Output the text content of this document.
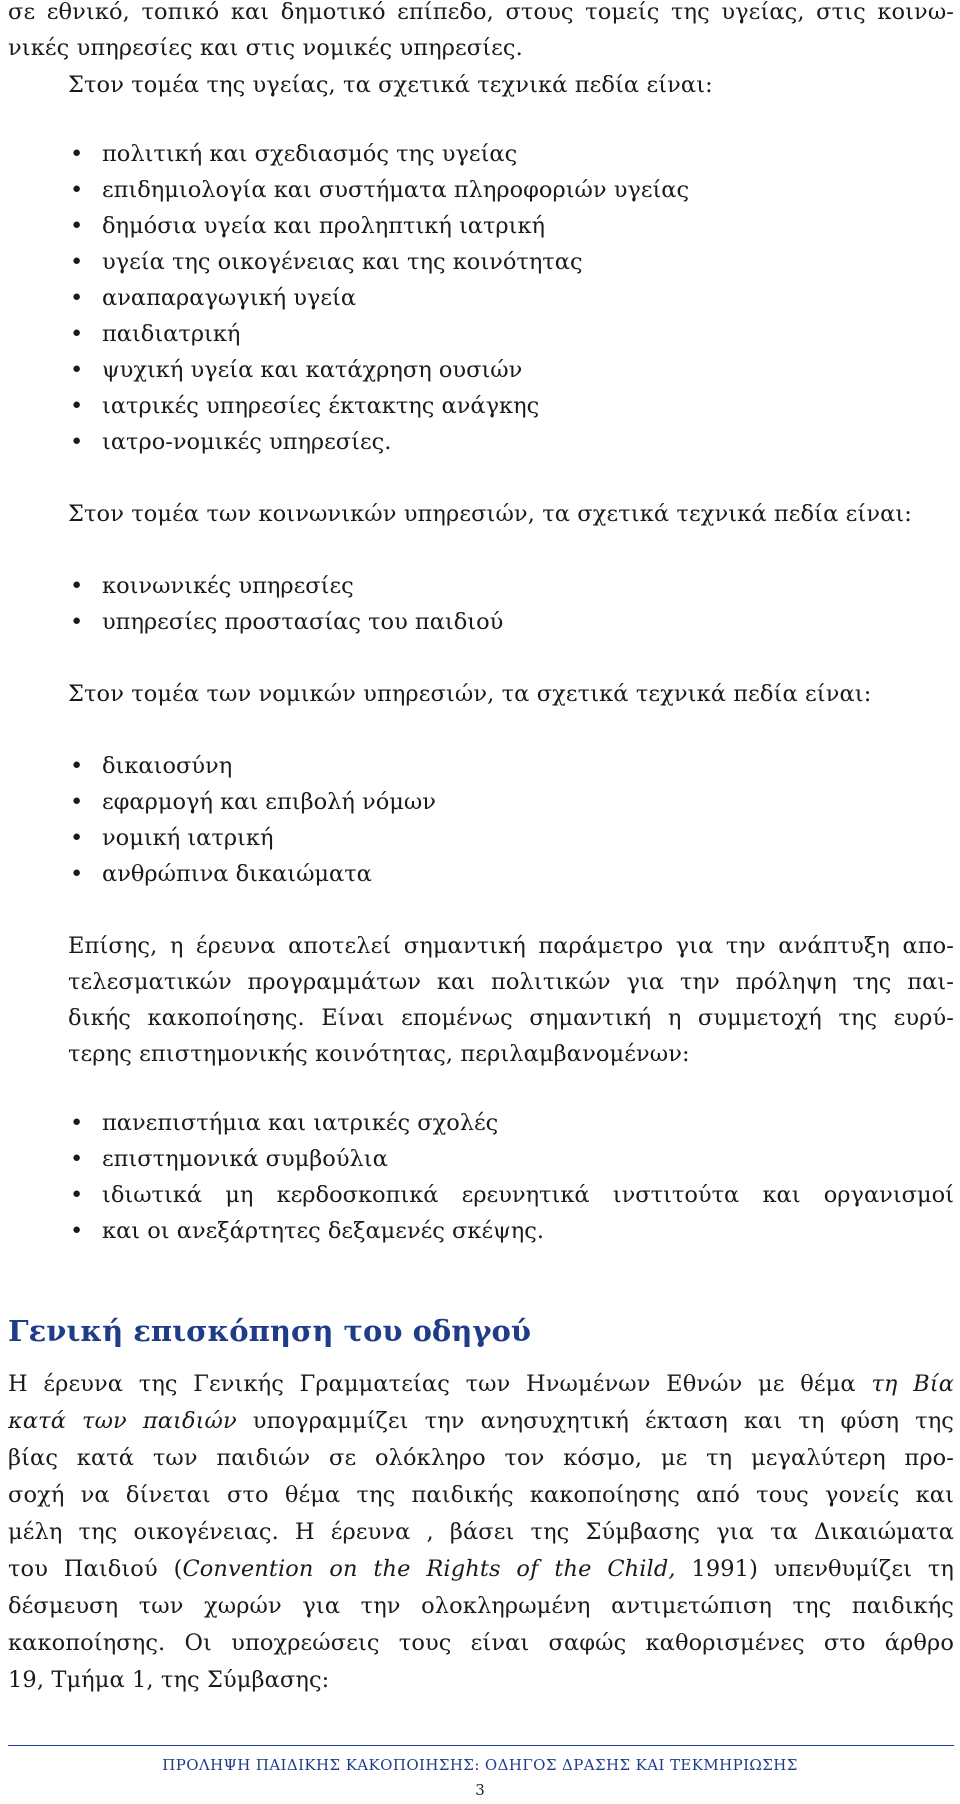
σε εθνικό, τοπικό και δημοτικό επίπεδο, στους τομείς της υγείας, στις κοινω-
νικές υπηρεσίες και στις νομικές υπηρεσίες.
Στον τομέα της υγείας, τα σχετικά τεχνικά πεδία είναι:
• πολιτική και σχεδιασμός της υγείας
• επιδημιολογία και συστήματα πληροφοριών υγείας
• δημόσια υγεία και προληπτική ιατρική
• υγεία της οικογένειας και της κοινότητας
• αναπαραγωγική υγεία
• παιδιατρική
• ψυχική υγεία και κατάχρηση ουσιών
• ιατρικές υπηρεσίες έκτακτης ανάγκης
• ιατρο-νομικές υπηρεσίες.
Στον τομέα των κοινωνικών υπηρεσιών, τα σχετικά τεχνικά πεδία είναι:
• κοινωνικές υπηρεσίες
• υπηρεσίες προστασίας του παιδιού
Στον τομέα των νομικών υπηρεσιών, τα σχετικά τεχνικά πεδία είναι:
• δικαιοσύνη
• εφαρμογή και επιβολή νόμων
• νομική ιατρική
• ανθρώπινα δικαιώματα
Επίσης, η έρευνα αποτελεί σημαντική παράμετρο για την ανάπτυξη απο-
τελεσματικών προγραμμάτων και πολιτικών για την πρόληψη της παι-
δικής κακοποίησης. Είναι επομένως σημαντική η συμμετοχή της ευρύ-
τερης επιστημονικής κοινότητας, περιλαμβανομένων:
• πανεπιστήμια και ιατρικές σχολές
• επιστημονικά συμβούλια
• ιδιωτικά μη κερδοσκοπικά ερευνητικά ινστιτούτα και οργανισμοί
• και οι ανεξάρτητες δεξαμενές σκέψης.
Γενική επισκόπηση του οδηγού
Η έρευνα της Γενικής Γραμματείας των Ηνωμένων Εθνών με θέμα τη Βία
κατά των παιδιών υπογραμμίζει την ανησυχητική έκταση και τη φύση της
βίας κατά των παιδιών σε ολόκληρο τον κόσμο, με τη μεγαλύτερη προ-
σοχή να δίνεται στο θέμα της παιδικής κακοποίησης από τους γονείς και
μέλη της οικογένειας. Η έρευνα , βάσει της Σύμβασης για τα Δικαιώματα
του Παιδιού (Convention on the Rights of the Child, 1991) υπενθυμίζει τη
δέσμευση των χωρών για την ολοκληρωμένη αντιμετώπιση της παιδικής
κακοποίησης. Οι υποχρεώσεις τους είναι σαφώς καθορισμένες στο άρθρο
19, Τμήμα 1, της Σύμβασης:
ΠΡΟΛΗΨΗ ΠΑΙΔΙΚΗΣ ΚΑΚΟΠΟΙΗΣΗΣ: ΟΔΗΓΟΣ ΔΡΑΣΗΣ ΚΑΙ ΤΕΚΜΗΡΙΩΣΗΣ
3
